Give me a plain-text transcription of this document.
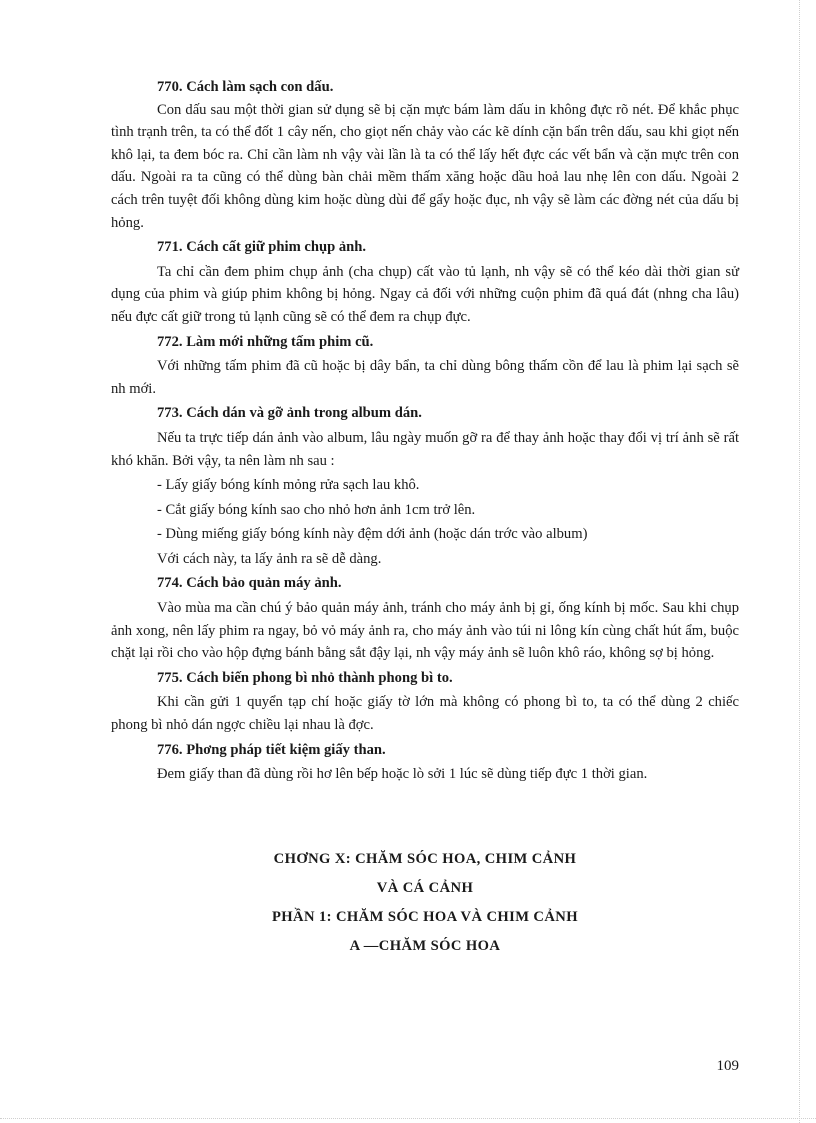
770. Cách làm sạch con dấu.

Con dấu sau một thời gian sử dụng sẽ bị cặn mực bám làm dấu in không đực rõ nét. Để khắc phục tình trạnh trên, ta có thể đốt 1 cây nến, cho giọt nến chảy vào các kẽ dính cặn bẩn trên dấu, sau khi giọt nến khô lại, ta đem bóc ra. Chỉ cần làm nh vậy vài lần là ta có thể lấy hết đực các vết bẩn và cặn mực trên con dấu. Ngoài ra ta cũng có thể dùng bàn chải mềm thấm xăng hoặc dầu hoả lau nhẹ lên con dấu. Ngoài 2 cách trên tuyệt đối không dùng kim hoặc dùng dùi để gẩy hoặc đục, nh vậy sẽ làm các đờng nét của dấu bị hỏng.

771. Cách cất giữ phim chụp ảnh.

Ta chỉ cần đem phim chụp ảnh (cha chụp) cất vào tủ lạnh, nh vậy sẽ có thể kéo dài thời gian sử dụng của phim và giúp phim không bị hỏng. Ngay cả đối với những cuộn phim đã quá đát (nhng cha lâu) nếu đực cất giữ trong tủ lạnh cũng sẽ có thể đem ra chụp đực.

772. Làm mới những tấm phim cũ.

Với những tấm phim đã cũ hoặc bị dây bẩn, ta chỉ dùng bông thấm cồn để lau là phim lại sạch sẽ nh mới.

773. Cách dán và gỡ ảnh trong album dán.

Nếu ta trực tiếp dán ảnh vào album, lâu ngày muốn gỡ ra để thay ảnh hoặc thay đổi vị trí ảnh sẽ rất khó khăn. Bởi vậy, ta nên làm nh sau :

- Lấy giấy bóng kính mỏng rửa sạch lau khô.

- Cắt giấy bóng kính sao cho nhỏ hơn ảnh 1cm trở lên.

- Dùng miếng giấy bóng kính này đệm dới ảnh (hoặc dán trớc vào album)

Với cách này, ta lấy ảnh ra sẽ dễ dàng.

774. Cách bảo quản máy ảnh.

Vào mùa ma cần chú ý bảo quản máy ảnh, tránh cho máy ảnh bị gỉ, ống kính bị mốc. Sau khi chụp ảnh xong, nên lấy phim ra ngay, bỏ vỏ máy ảnh ra, cho máy ảnh vào túi ni lông kín cùng chất hút ẩm, buộc chặt lại rồi cho vào hộp đựng bánh bằng sắt đậy lại, nh vậy máy ảnh sẽ luôn khô ráo, không sợ bị hỏng.

775. Cách biến phong bì nhỏ thành phong bì to.

Khi cần gửi 1 quyển tạp chí hoặc giấy tờ lớn mà không có phong bì to, ta có thể dùng 2 chiếc phong bì nhỏ dán ngợc chiều lại nhau là đợc.

776. Phơng pháp tiết kiệm giấy than.

Đem giấy than đã dùng rồi hơ lên bếp hoặc lò sởi 1 lúc sẽ dùng tiếp đực 1 thời gian.

CHƠNG X: CHĂM SÓC HOA, CHIM CẢNH
VÀ CÁ CẢNH
PHẦN 1: CHĂM SÓC HOA VÀ CHIM CẢNH
A —CHĂM SÓC HOA
109
